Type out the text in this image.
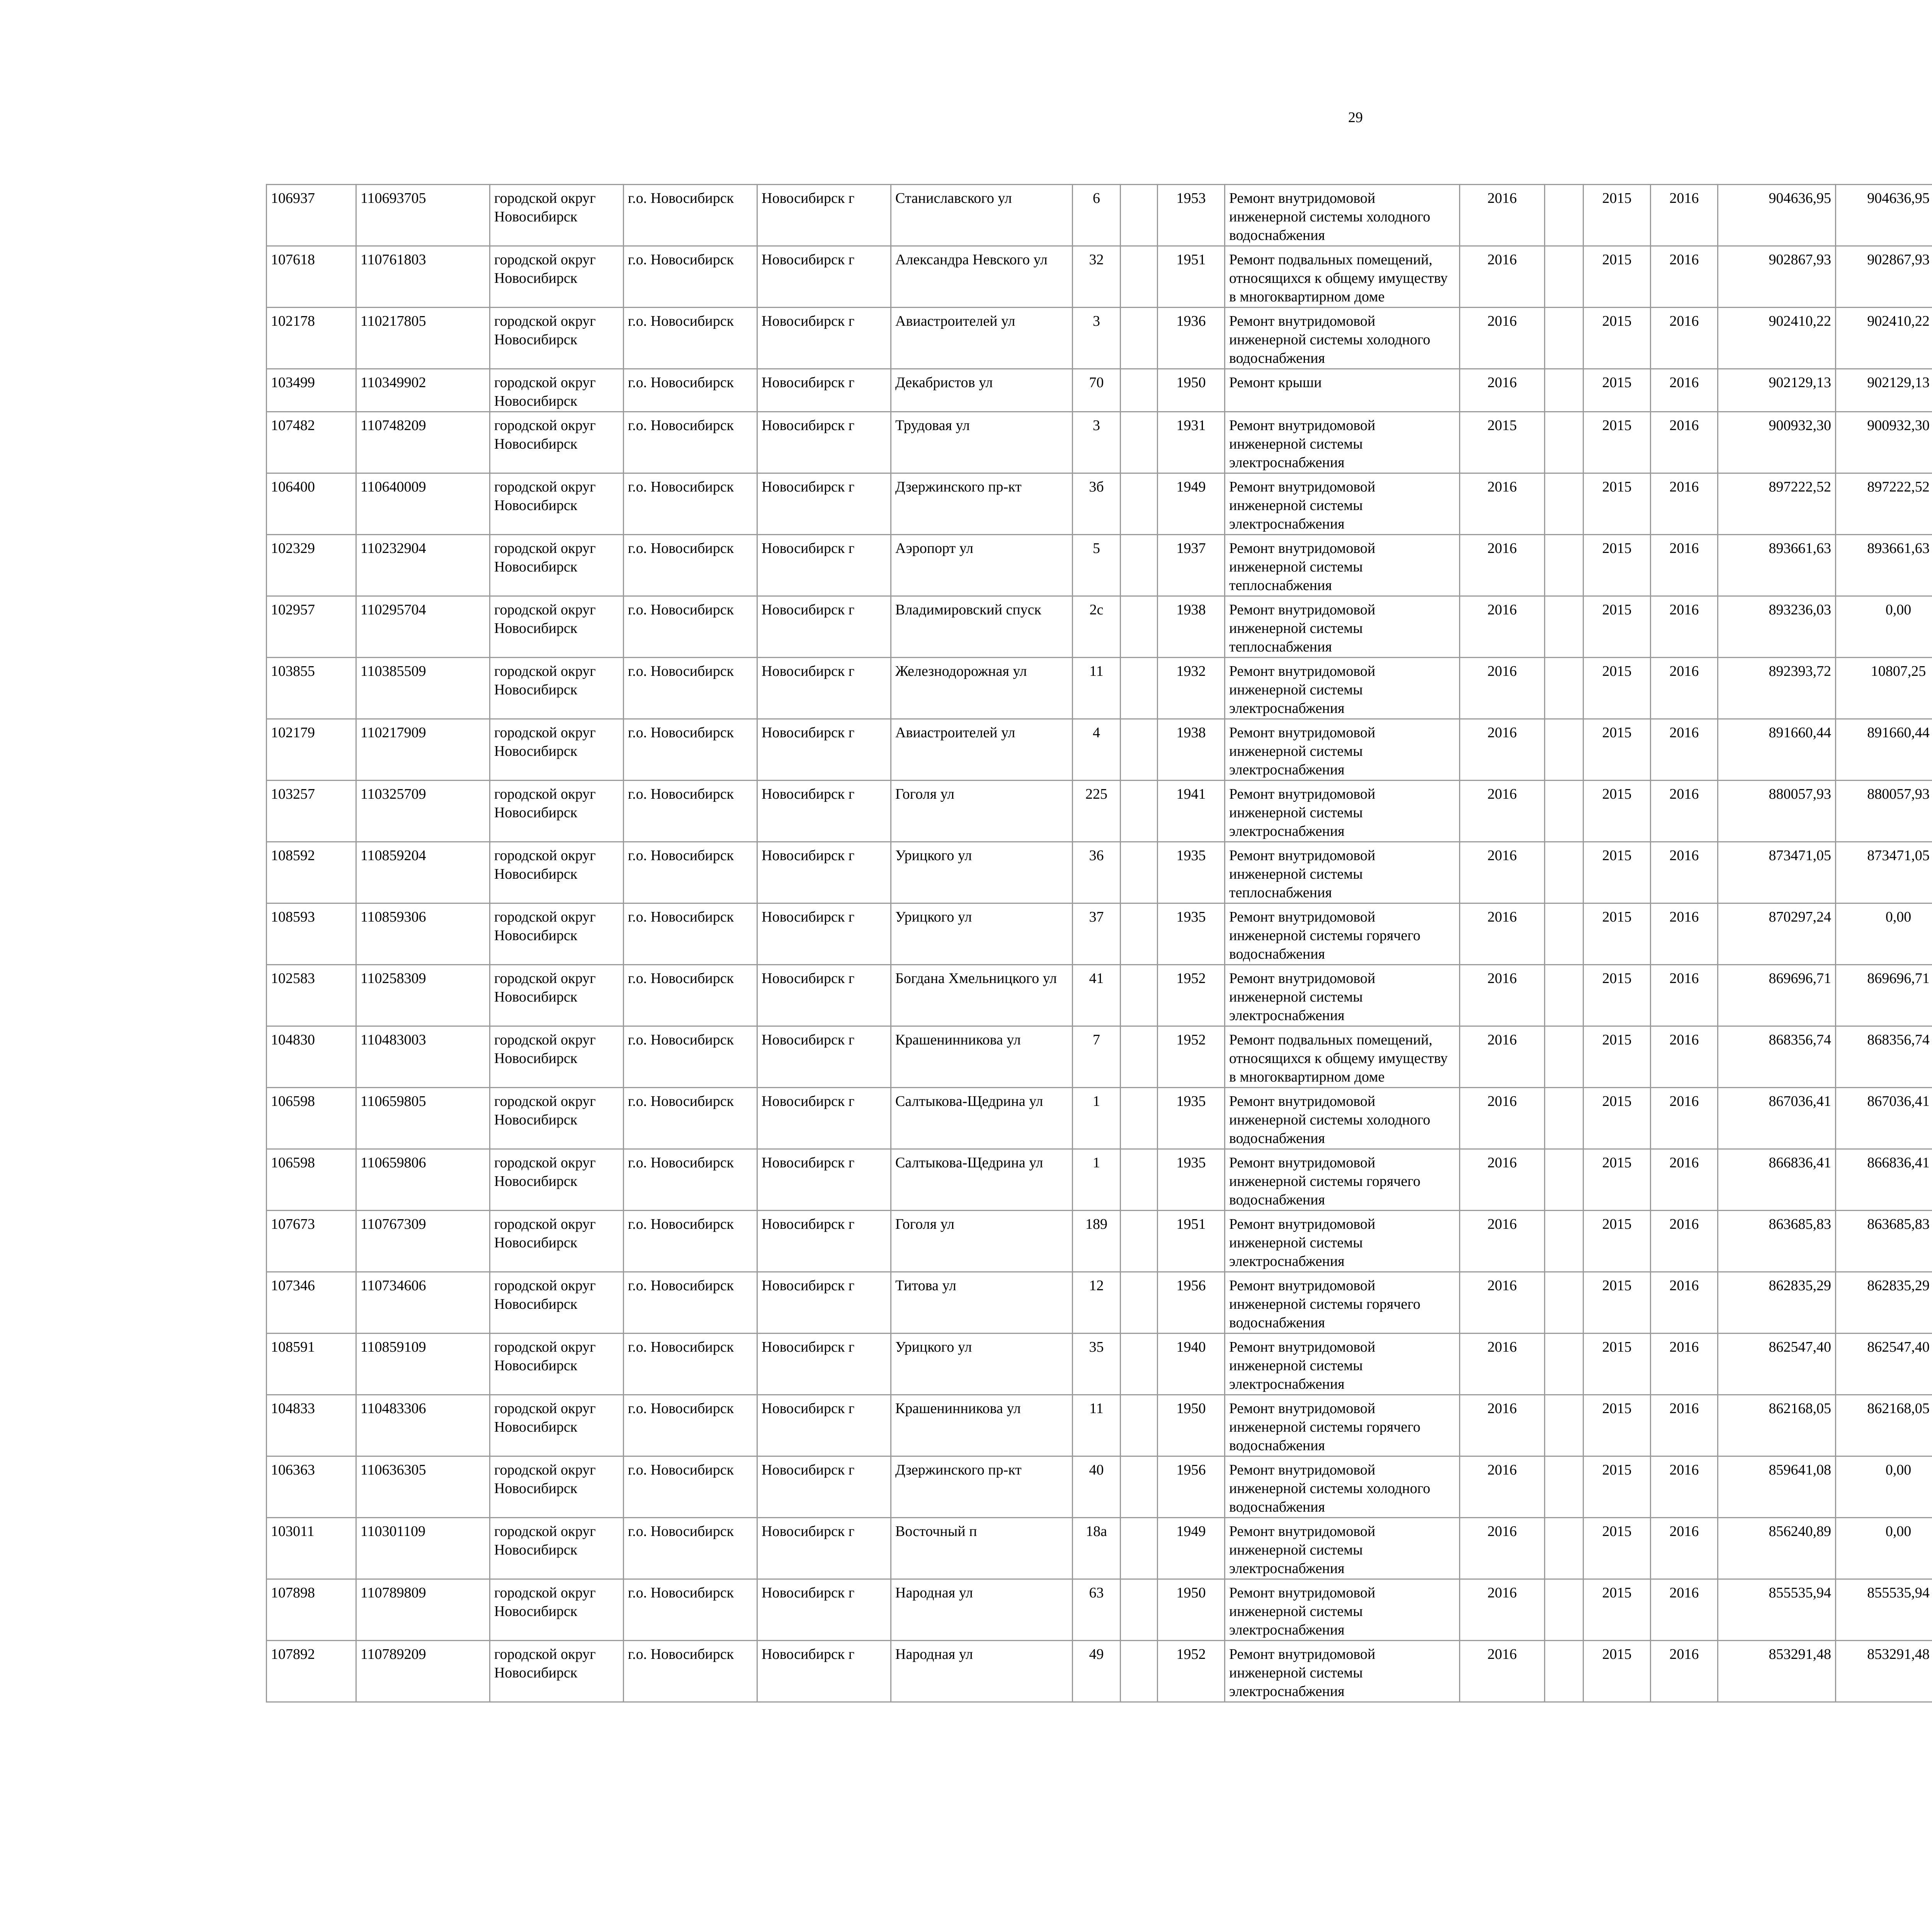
29
106937	110693705	городской округ Новосибирск	г.о. Новосибирск	Новосибирск г	Станиславского ул	6		1953	Ремонт внутридомовой инженерной системы холодного водоснабжения	2016		2015	2016	904636,95	904636,95						
107618	110761803	городской округ Новосибирск	г.о. Новосибирск	Новосибирск г	Александра Невского ул	32		1951	Ремонт подвальных помещений, относящихся к общему имуществу в многоквартирном доме	2016		2015	2016	902867,93	902867,93						
102178	110217805	городской округ Новосибирск	г.о. Новосибирск	Новосибирск г	Авиастроителей ул	3		1936	Ремонт внутридомовой инженерной системы холодного водоснабжения	2016		2015	2016	902410,22	902410,22						
103499	110349902	городской округ Новосибирск	г.о. Новосибирск	Новосибирск г	Декабристов ул	70		1950	Ремонт крыши	2016		2015	2016	902129,13	902129,13						
107482	110748209	городской округ Новосибирск	г.о. Новосибирск	Новосибирск г	Трудовая ул	3		1931	Ремонт внутридомовой инженерной системы электроснабжения	2015		2015	2016	900932,30	900932,30						
106400	110640009	городской округ Новосибирск	г.о. Новосибирск	Новосибирск г	Дзержинского пр-кт	3б		1949	Ремонт внутридомовой инженерной системы электроснабжения	2016		2015	2016	897222,52	897222,52						
102329	110232904	городской округ Новосибирск	г.о. Новосибирск	Новосибирск г	Аэропорт ул	5		1937	Ремонт внутридомовой инженерной системы теплоснабжения	2016		2015	2016	893661,63	893661,63						
102957	110295704	городской округ Новосибирск	г.о. Новосибирск	Новосибирск г	Владимировский спуск	2с		1938	Ремонт внутридомовой инженерной системы теплоснабжения	2016		2015	2016	893236,03	0,00						
103855	110385509	городской округ Новосибирск	г.о. Новосибирск	Новосибирск г	Железнодорожная ул	11		1932	Ремонт внутридомовой инженерной системы электроснабжения	2016		2015	2016	892393,72	10807,25						
102179	110217909	городской округ Новосибирск	г.о. Новосибирск	Новосибирск г	Авиастроителей ул	4		1938	Ремонт внутридомовой инженерной системы электроснабжения	2016		2015	2016	891660,44	891660,44						
103257	110325709	городской округ Новосибирск	г.о. Новосибирск	Новосибирск г	Гоголя ул	225		1941	Ремонт внутридомовой инженерной системы электроснабжения	2016		2015	2016	880057,93	880057,93						
108592	110859204	городской округ Новосибирск	г.о. Новосибирск	Новосибирск г	Урицкого ул	36		1935	Ремонт внутридомовой инженерной системы теплоснабжения	2016		2015	2016	873471,05	873471,05						
108593	110859306	городской округ Новосибирск	г.о. Новосибирск	Новосибирск г	Урицкого ул	37		1935	Ремонт внутридомовой инженерной системы горячего водоснабжения	2016		2015	2016	870297,24	0,00						
102583	110258309	городской округ Новосибирск	г.о. Новосибирск	Новосибирск г	Богдана Хмельницкого ул	41		1952	Ремонт внутридомовой инженерной системы электроснабжения	2016		2015	2016	869696,71	869696,71						
104830	110483003	городской округ Новосибирск	г.о. Новосибирск	Новосибирск г	Крашенинникова ул	7		1952	Ремонт подвальных помещений, относящихся к общему имуществу в многоквартирном доме	2016		2015	2016	868356,74	868356,74						
106598	110659805	городской округ Новосибирск	г.о. Новосибирск	Новосибирск г	Салтыкова-Щедрина ул	1		1935	Ремонт внутридомовой инженерной системы холодного водоснабжения	2016		2015	2016	867036,41	867036,41						
106598	110659806	городской округ Новосибирск	г.о. Новосибирск	Новосибирск г	Салтыкова-Щедрина ул	1		1935	Ремонт внутридомовой инженерной системы горячего водоснабжения	2016		2015	2016	866836,41	866836,41						
107673	110767309	городской округ Новосибирск	г.о. Новосибирск	Новосибирск г	Гоголя ул	189		1951	Ремонт внутридомовой инженерной системы электроснабжения	2016		2015	2016	863685,83	863685,83						
107346	110734606	городской округ Новосибирск	г.о. Новосибирск	Новосибирск г	Титова ул	12		1956	Ремонт внутридомовой инженерной системы горячего водоснабжения	2016		2015	2016	862835,29	862835,29						
108591	110859109	городской округ Новосибирск	г.о. Новосибирск	Новосибирск г	Урицкого ул	35		1940	Ремонт внутридомовой инженерной системы электроснабжения	2016		2015	2016	862547,40	862547,40						
104833	110483306	городской округ Новосибирск	г.о. Новосибирск	Новосибирск г	Крашенинникова ул	11		1950	Ремонт внутридомовой инженерной системы горячего водоснабжения	2016		2015	2016	862168,05	862168,05						
106363	110636305	городской округ Новосибирск	г.о. Новосибирск	Новосибирск г	Дзержинского пр-кт	40		1956	Ремонт внутридомовой инженерной системы холодного водоснабжения	2016		2015	2016	859641,08	0,00						
103011	110301109	городской округ Новосибирск	г.о. Новосибирск	Новосибирск г	Восточный п	18а		1949	Ремонт внутридомовой инженерной системы электроснабжения	2016		2015	2016	856240,89	0,00						
107898	110789809	городской округ Новосибирск	г.о. Новосибирск	Новосибирск г	Народная ул	63		1950	Ремонт внутридомовой инженерной системы электроснабжения	2016		2015	2016	855535,94	855535,94						
107892	110789209	городской округ Новосибирск	г.о. Новосибирск	Новосибирск г	Народная ул	49		1952	Ремонт внутридомовой инженерной системы электроснабжения	2016		2015	2016	853291,48	853291,48						
